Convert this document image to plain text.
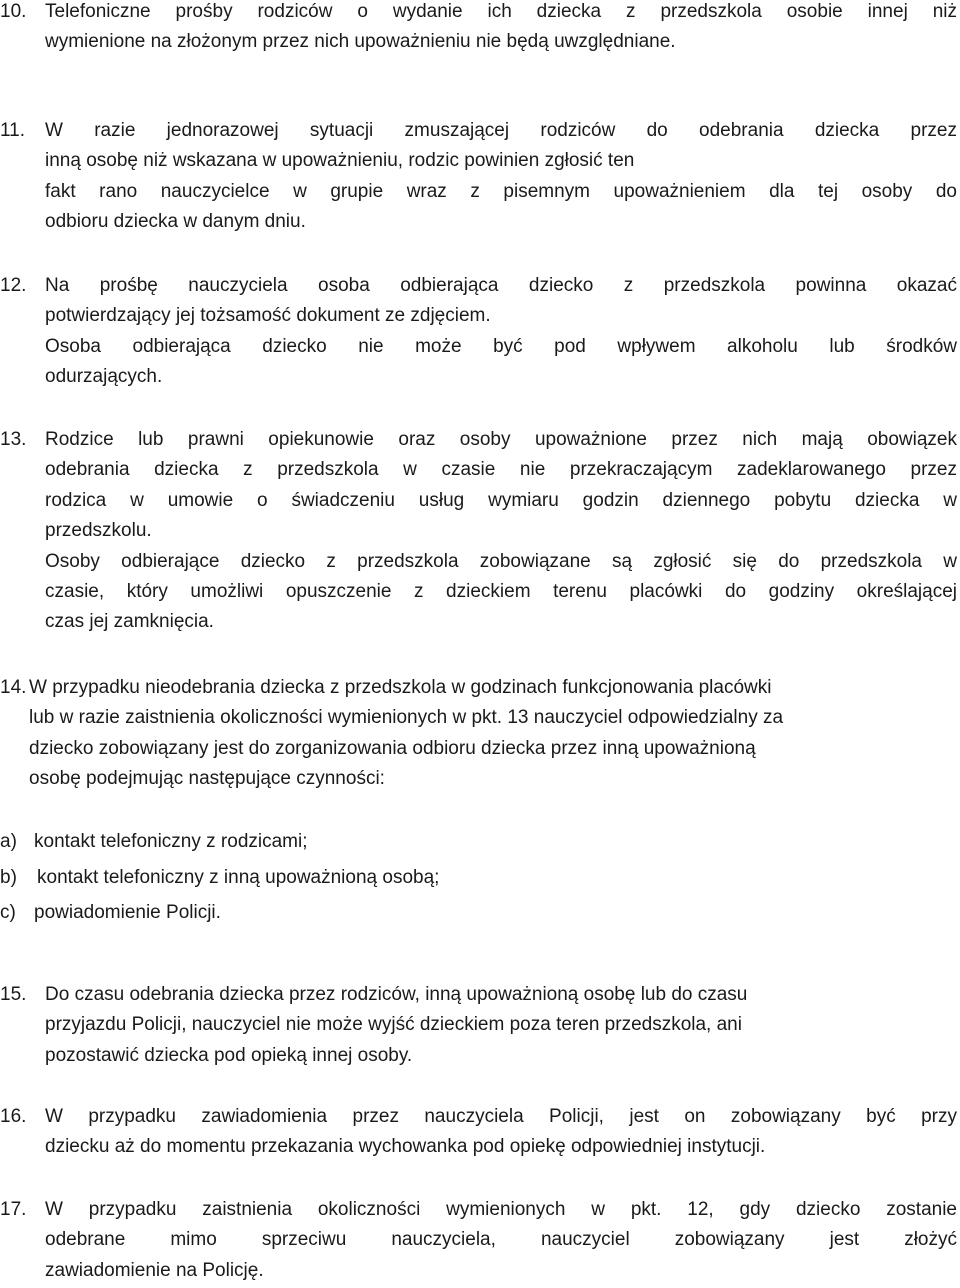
10. Telefoniczne prośby rodziców o wydanie ich dziecka z przedszkola osobie innej niż
wymienione na złożonym przez nich upoważnieniu nie będą uwzględniane.
11. W razie jednorazowej sytuacji zmuszającej rodziców do odebrania dziecka przez
inną osobę niż wskazana w upoważnieniu, rodzic powinien zgłosić ten
fakt rano nauczycielce w grupie wraz z pisemnym upoważnieniem dla tej osoby do
odbioru dziecka w danym dniu.
12. Na prośbę nauczyciela osoba odbierająca dziecko z przedszkola powinna okazać
potwierdzający jej tożsamość dokument ze zdjęciem.
Osoba odbierająca dziecko nie może być pod wpływem alkoholu lub środków
odurzających.
13. Rodzice lub prawni opiekunowie oraz osoby upoważnione przez nich mają obowiązek
odebrania dziecka z przedszkola w czasie nie przekraczającym zadeklarowanego przez
rodzica w umowie o świadczeniu usług wymiaru godzin dziennego pobytu dziecka w
przedszkolu.
Osoby odbierające dziecko z przedszkola zobowiązane są zgłosić się do przedszkola w
czasie, który umożliwi opuszczenie z dzieckiem terenu placówki do godziny określającej
czas jej zamknięcia.
14. W przypadku nieodebrania dziecka z przedszkola w godzinach funkcjonowania placówki
lub w razie zaistnienia okoliczności wymienionych w pkt. 13 nauczyciel odpowiedzialny za
dziecko zobowiązany jest do zorganizowania odbioru dziecka przez inną upoważnioną
osobę podejmując następujące czynności:
a) kontakt telefoniczny z rodzicami;
b) kontakt telefoniczny z inną upoważnioną osobą;
c) powiadomienie Policji.
15. Do czasu odebrania dziecka przez rodziców, inną upoważnioną osobę lub do czasu
przyjazdu Policji, nauczyciel nie może wyjść dzieckiem poza teren przedszkola, ani
pozostawić dziecka pod opieką innej osoby.
16. W przypadku zawiadomienia przez nauczyciela Policji, jest on zobowiązany być przy
dziecku aż do momentu przekazania wychowanka pod opiekę odpowiedniej instytucji.
17. W przypadku zaistnienia okoliczności wymienionych w pkt. 12, gdy dziecko zostanie
odebrane mimo sprzeciwu nauczyciela, nauczyciel zobowiązany jest złożyć
zawiadomienie na Policję.
